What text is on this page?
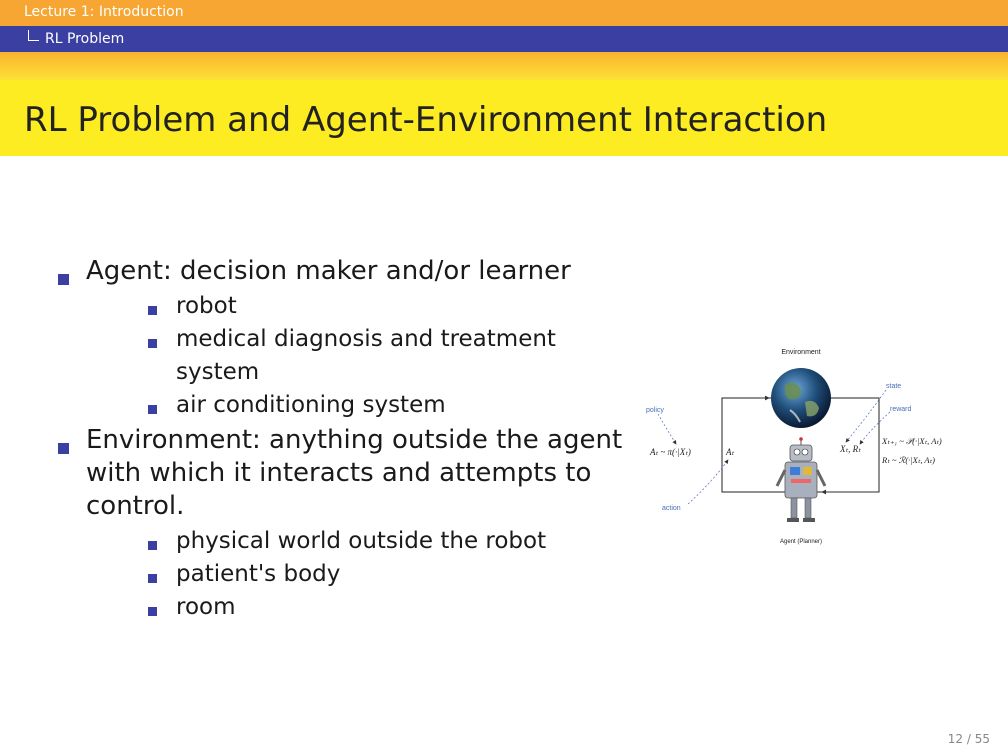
Lecture 1: Introduction
RL Problem
RL Problem and Agent-Environment Interaction
Agent: decision maker and/or learner
robot
medical diagnosis and treatment system
air conditioning system
Environment: anything outside the agent with which it interacts and attempts to control.
physical world outside the robot
patient's body
room
Environment
Agent (Planner)
policy
action
state
reward
Aₜ ~ π(·|Xₜ)	Aₜ	Xₜ, Rₜ
Xₜ₊₁ ~ 𝒫(·|Xₜ, Aₜ)
Rₜ ~ ℛ(·|Xₜ, Aₜ)
12 / 55
